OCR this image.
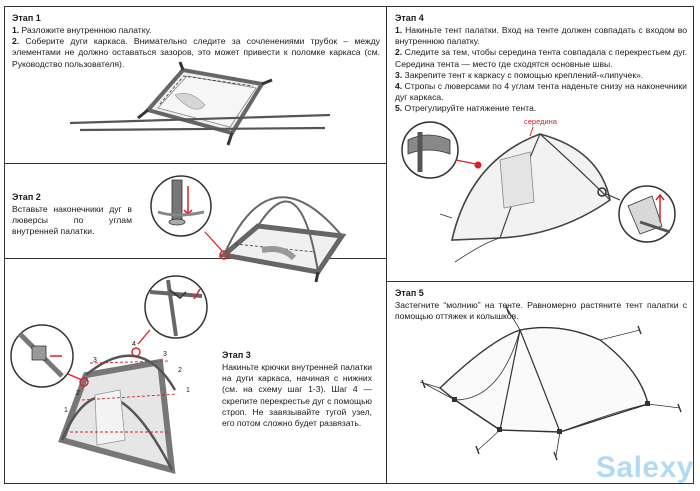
Этап 1
1. Разложите внутреннюю палатку.
2. Соберите дуги каркаса. Внимательно следите за сочленениями трубок – между элементами не должно оставаться зазоров, это может привести к поломке каркаса (см. Руководство пользователя).
Этап 2
Вставьте наконечники дуг в люверсы по углам внутренней палатки.
Этап 3
Накиньте крючки внутренней палатки на дуги каркаса, начиная с нижних (см. на схему шаг 1-3). Шаг 4 — скрепите перекрестье дуг с помощью строп. Не завязывайте тугой узел, его потом сложно будет развязать.
4
3
3
2
2
1
1
Этап 4
1. Накиньте тент палатки. Вход на тенте должен совпадать с входом во внутреннюю палатку.
2. Следите за тем, чтобы середина тента совпадала с перекрестьем дуг. Середина тента — место где сходятся основные швы.
3. Закрепите тент к каркасу с помощью креплений-«липучек».
4. Стропы с люверсами по 4 углам тента наденьте снизу на наконечники дуг каркаса.
5. Отрегулируйте натяжение тента.
середина
Этап 5
Застегните “молнию” на тенте. Равномерно растяните тент палатки с помощью оттяжек и колышков.
Salexy
